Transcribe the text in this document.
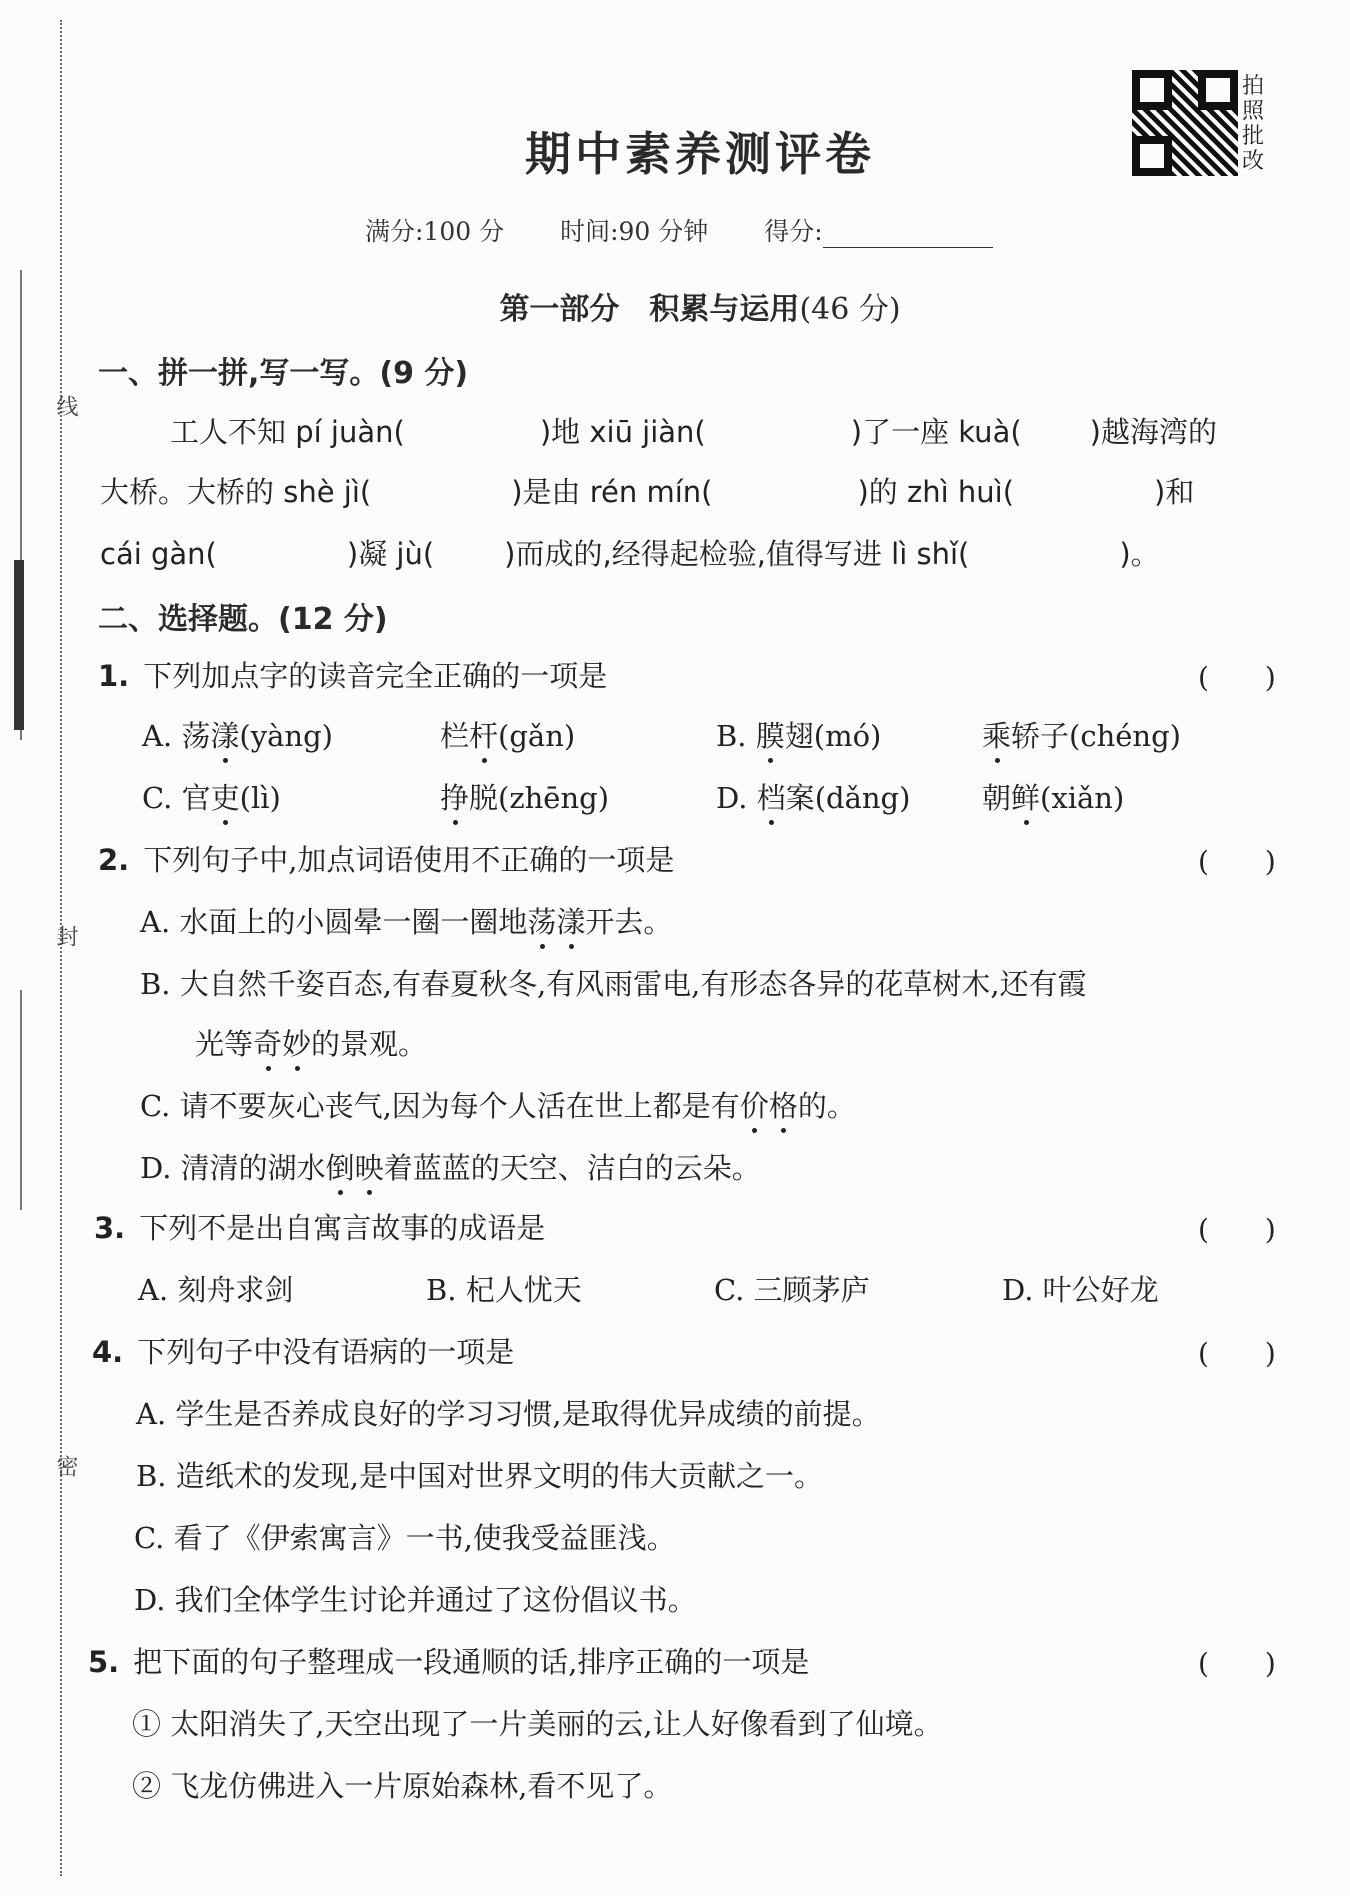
线
封
密
拍照批改
期中素养测评卷
满分:100 分 时间:90 分钟 得分:
第一部分　积累与运用(46 分)
一、拼一拼,写一写。(9 分)
工人不知 pí juàn(	)地 xiū jiàn(	)了一座 kuà( )越海湾的
大桥。大桥的 shè jì(	)是由 rén mín(	)的 zhì huì(	)和
cái gàn(	)凝 jù( )而成的,经得起检验,值得写进 lì shǐ(	)。
二、选择题。(12 分)
1. 下列加点字的读音完全正确的一项是	(　　)
A. 荡漾(yàng)	栏杆(gǎn)	B. 膜翅(mó)	乘轿子(chéng)
C. 官吏(lì)	挣脱(zhēng)	D. 档案(dǎng) 朝鲜(xiǎn)
2. 下列句子中,加点词语使用不正确的一项是	(　　)
A. 水面上的小圆晕一圈一圈地荡漾开去。
B. 大自然千姿百态,有春夏秋冬,有风雨雷电,有形态各异的花草树木,还有霞
光等奇妙的景观。
C. 请不要灰心丧气,因为每个人活在世上都是有价格的。
D. 清清的湖水倒映着蓝蓝的天空、洁白的云朵。
3. 下列不是出自寓言故事的成语是	(　　)
A. 刻舟求剑	B. 杞人忧天	C. 三顾茅庐	D. 叶公好龙
4. 下列句子中没有语病的一项是	(　　)
A. 学生是否养成良好的学习习惯,是取得优异成绩的前提。
B. 造纸术的发现,是中国对世界文明的伟大贡献之一。
C. 看了《伊索寓言》一书,使我受益匪浅。
D. 我们全体学生讨论并通过了这份倡议书。
5. 把下面的句子整理成一段通顺的话,排序正确的一项是	(　　)
① 太阳消失了,天空出现了一片美丽的云,让人好像看到了仙境。
② 飞龙仿佛进入一片原始森林,看不见了。
